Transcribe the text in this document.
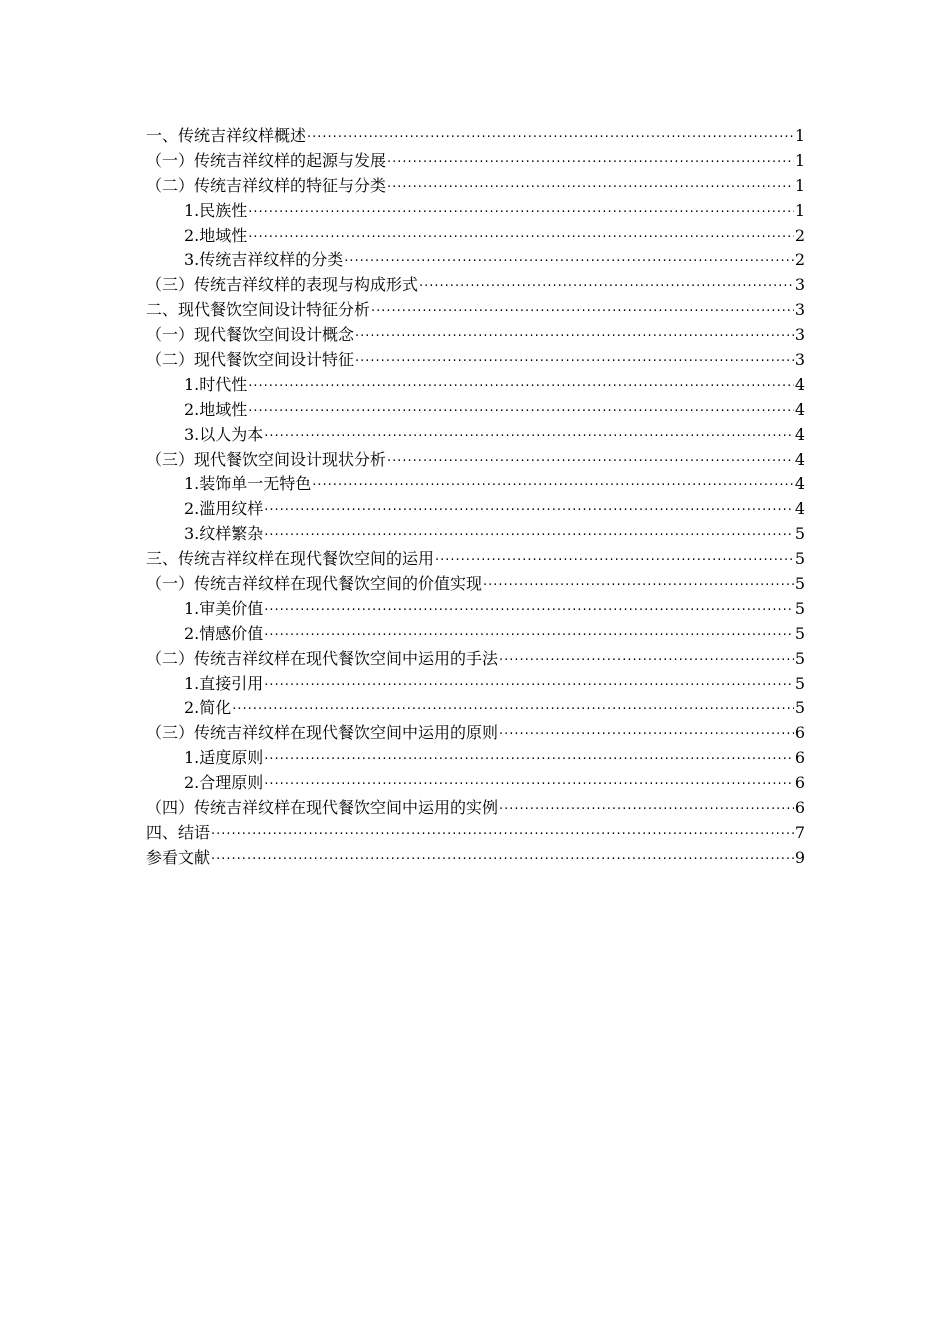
一、传统吉祥纹样概述 ·····	1
（一）传统吉祥纹样的起源与发展 ·····	1
（二）传统吉祥纹样的特征与分类 ·····	1
1.民族性 ·····	1
2.地域性 ·····	2
3.传统吉祥纹样的分类 ·····	2
（三）传统吉祥纹样的表现与构成形式 ·····	3
二、现代餐饮空间设计特征分析 ·····	3
（一）现代餐饮空间设计概念 ·····	3
（二）现代餐饮空间设计特征 ·····	3
1.时代性 ·····	4
2.地域性 ·····	4
3.以人为本 ·····	4
（三）现代餐饮空间设计现状分析 ·····	4
1.装饰单一无特色 ·····	4
2.滥用纹样 ·····	4
3.纹样繁杂 ·····	5
三、传统吉祥纹样在现代餐饮空间的运用 ·····	5
（一）传统吉祥纹样在现代餐饮空间的价值实现 ·····	5
1.审美价值 ·····	5
2.情感价值 ·····	5
（二）传统吉祥纹样在现代餐饮空间中运用的手法 ·····	5
1.直接引用 ·····	5
2.简化 ·····	5
（三）传统吉祥纹样在现代餐饮空间中运用的原则 ·····	6
1.适度原则 ·····	6
2.合理原则 ·····	6
（四）传统吉祥纹样在现代餐饮空间中运用的实例 ·····	6
四、结语 ·····	7
参看文献 ·····	9
